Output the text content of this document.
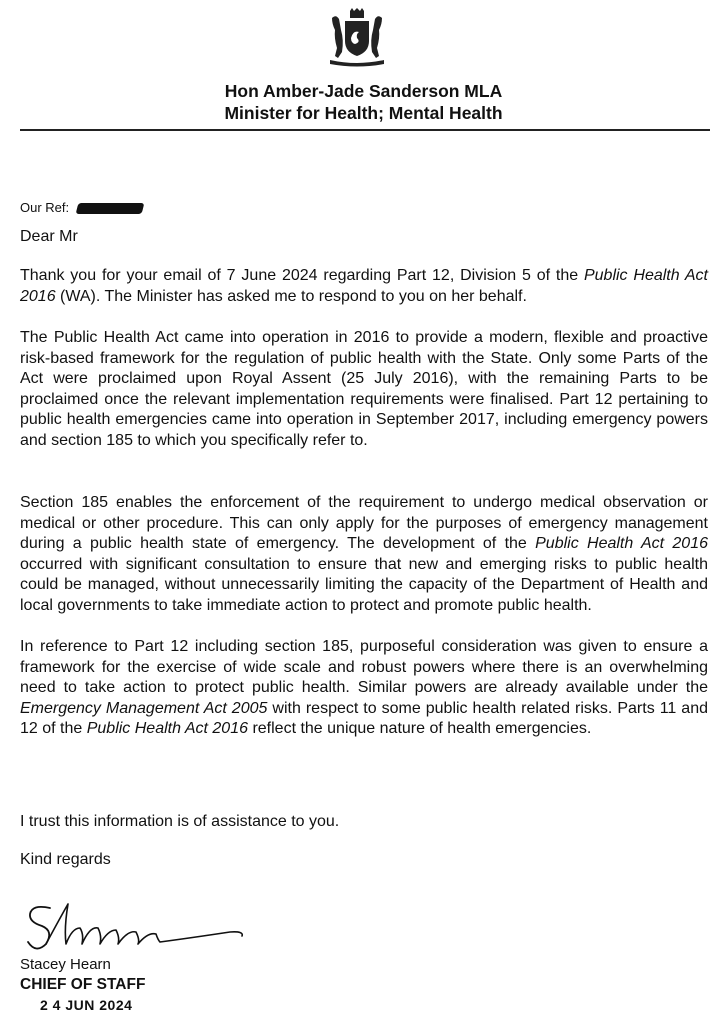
Hon Amber-Jade Sanderson MLA
Minister for Health; Mental Health
Our Ref:
Dear Mr

Thank you for your email of 7 June 2024 regarding Part 12, Division 5 of the Public Health Act 2016 (WA). The Minister has asked me to respond to you on her behalf.

The Public Health Act came into operation in 2016 to provide a modern, flexible and proactive risk-based framework for the regulation of public health with the State. Only some Parts of the Act were proclaimed upon Royal Assent (25 July 2016), with the remaining Parts to be proclaimed once the relevant implementation requirements were finalised. Part 12 pertaining to public health emergencies came into operation in September 2017, including emergency powers and section 185 to which you specifically refer to.

Section 185 enables the enforcement of the requirement to undergo medical observation or medical or other procedure. This can only apply for the purposes of emergency management during a public health state of emergency. The development of the Public Health Act 2016 occurred with significant consultation to ensure that new and emerging risks to public health could be managed, without unnecessarily limiting the capacity of the Department of Health and local governments to take immediate action to protect and promote public health.

In reference to Part 12 including section 185, purposeful consideration was given to ensure a framework for the exercise of wide scale and robust powers where there is an overwhelming need to take action to protect public health. Similar powers are already available under the Emergency Management Act 2005 with respect to some public health related risks. Parts 11 and 12 of the Public Health Act 2016 reflect the unique nature of health emergencies.

I trust this information is of assistance to you.
Kind regards
Stacey Hearn
CHIEF OF STAFF
2 4 JUN 2024
